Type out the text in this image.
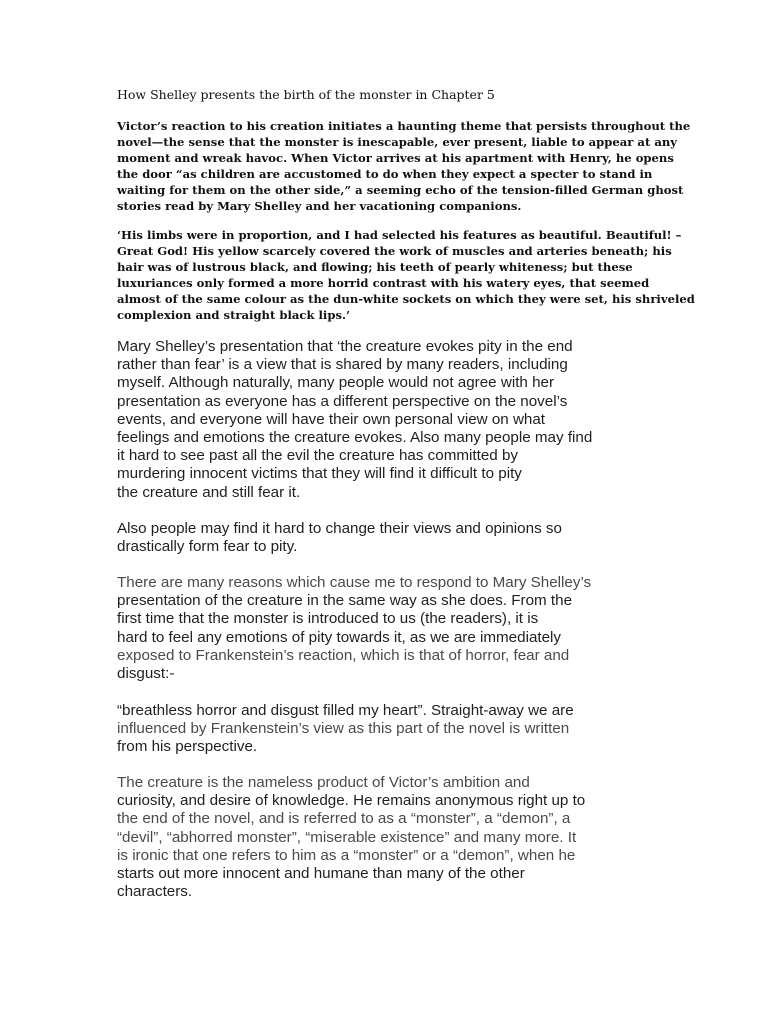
How Shelley presents the birth of the monster in Chapter 5
Victor’s reaction to his creation initiates a haunting theme that persists throughout the
novel—the sense that the monster is inescapable, ever present, liable to appear at any
moment and wreak havoc. When Victor arrives at his apartment with Henry, he opens
the door “as children are accustomed to do when they expect a specter to stand in
waiting for them on the other side,” a seeming echo of the tension-filled German ghost
stories read by Mary Shelley and her vacationing companions.
‘His limbs were in proportion, and I had selected his features as beautiful. Beautiful! –
Great God! His yellow scarcely covered the work of muscles and arteries beneath; his
hair was of lustrous black, and flowing; his teeth of pearly whiteness; but these
luxuriances only formed a more horrid contrast with his watery eyes, that seemed
almost of the same colour as the dun-white sockets on which they were set, his shriveled
complexion and straight black lips.’
Mary Shelley’s presentation that ‘the creature evokes pity in the end
rather than fear’ is a view that is shared by many readers, including
myself. Although naturally, many people would not agree with her
presentation as everyone has a different perspective on the novel’s
events, and everyone will have their own personal view on what
feelings and emotions the creature evokes. Also many people may find
it hard to see past all the evil the creature has committed by
murdering innocent victims that they will find it difficult to pity
the creature and still fear it.
Also people may find it hard to change their views and opinions so
drastically form fear to pity.
There are many reasons which cause me to respond to Mary Shelley’s
presentation of the creature in the same way as she does. From the
first time that the monster is introduced to us (the readers), it is
hard to feel any emotions of pity towards it, as we are immediately
exposed to Frankenstein’s reaction, which is that of horror, fear and
disgust:-
“breathless horror and disgust filled my heart”. Straight-away we are
influenced by Frankenstein’s view as this part of the novel is written
from his perspective.
The creature is the nameless product of Victor’s ambition and
curiosity, and desire of knowledge. He remains anonymous right up to
the end of the novel, and is referred to as a “monster”, a “demon”, a
“devil”, “abhorred monster”, “miserable existence” and many more. It
is ironic that one refers to him as a “monster” or a “demon”, when he
starts out more innocent and humane than many of the other
characters.
